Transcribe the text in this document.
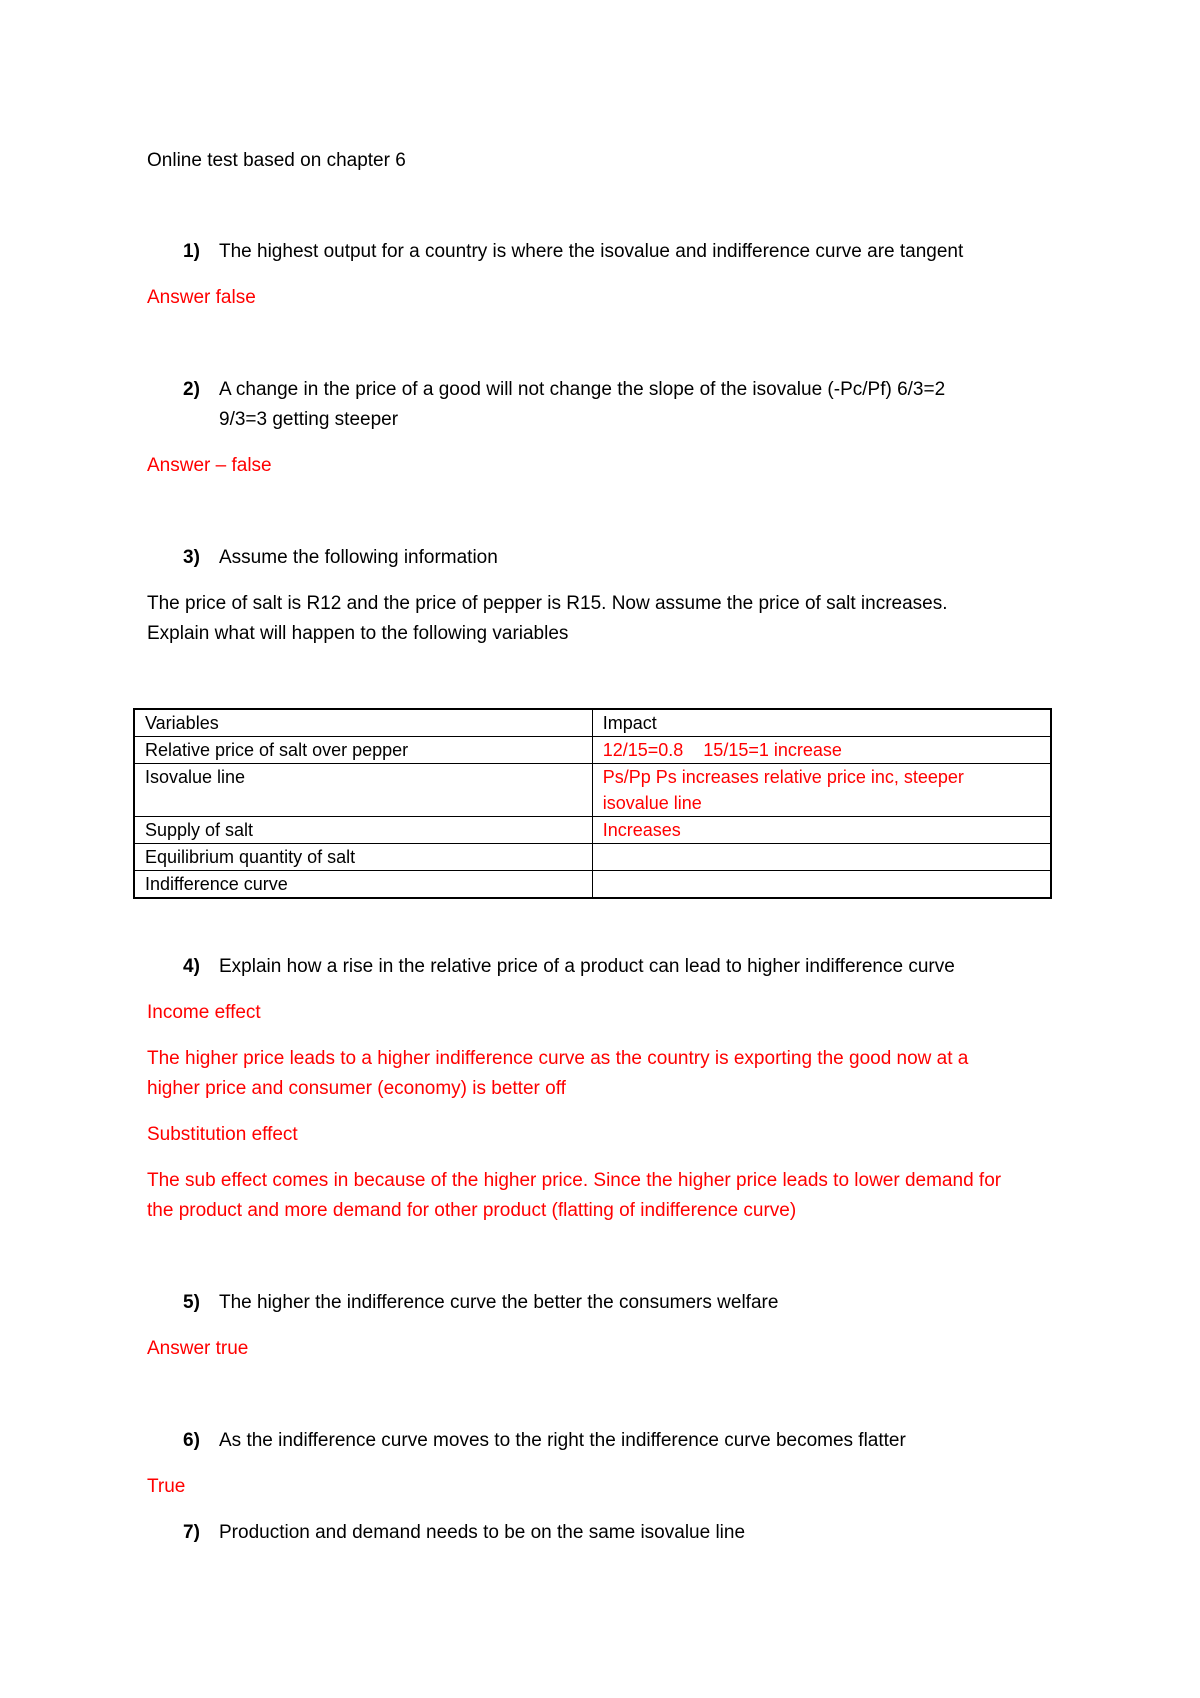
Online test based on chapter 6
1) The highest output for a country is where the isovalue and indifference curve are tangent
Answer false
2) A change in the price of a good will not change the slope of the isovalue (-Pc/Pf) 6/3=2
9/3=3 getting steeper
Answer – false
3) Assume the following information
The price of salt is R12 and the price of pepper is R15. Now assume the price of salt increases.
Explain what will happen to the following variables
Variables	Impact
Relative price of salt over pepper	12/15=0.8    15/15=1 increase
Isovalue line	Ps/Pp Ps increases relative price inc, steeper
isovalue line

Supply of salt	Increases
Equilibrium quantity of salt	
Indifference curve	
4) Explain how a rise in the relative price of a product can lead to higher indifference curve
Income effect
The higher price leads to a higher indifference curve as the country is exporting the good now at a
higher price and consumer (economy) is better off
Substitution effect
The sub effect comes in because of the higher price. Since the higher price leads to lower demand for
the product and more demand for other product (flatting of indifference curve)
5) The higher the indifference curve the better the consumers welfare
Answer true
6) As the indifference curve moves to the right the indifference curve becomes flatter
True
7) Production and demand needs to be on the same isovalue line
